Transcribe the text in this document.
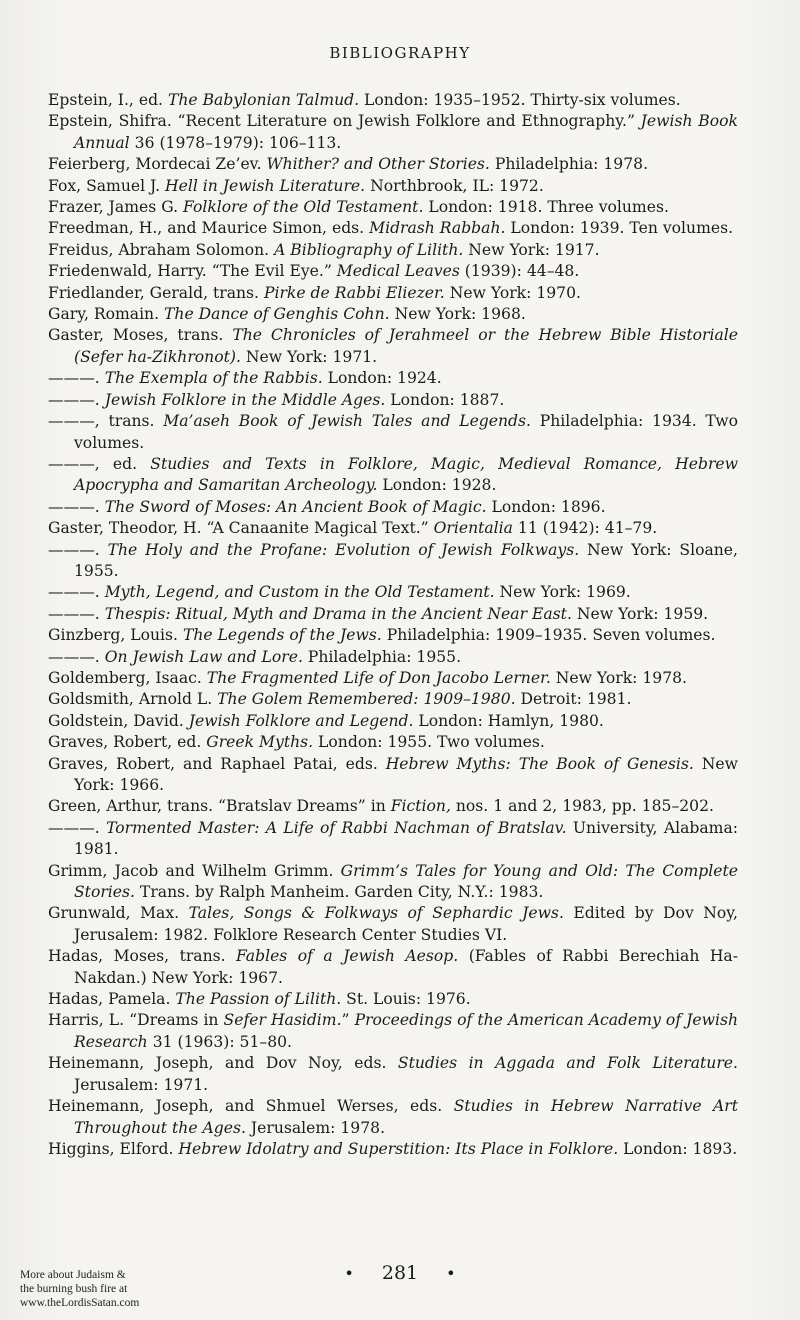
BIBLIOGRAPHY

Epstein, I., ed. The Babylonian Talmud. London: 1935–1952. Thirty-six volumes.

Epstein, Shifra. “Recent Literature on Jewish Folklore and Ethnography.” Jewish Book Annual 36 (1978–1979): 106–113.

Feierberg, Mordecai Ze’ev. Whither? and Other Stories. Philadelphia: 1978.

Fox, Samuel J. Hell in Jewish Literature. Northbrook, IL: 1972.

Frazer, James G. Folklore of the Old Testament. London: 1918. Three volumes.

Freedman, H., and Maurice Simon, eds. Midrash Rabbah. London: 1939. Ten volumes.

Freidus, Abraham Solomon. A Bibliography of Lilith. New York: 1917.

Friedenwald, Harry. “The Evil Eye.” Medical Leaves (1939): 44–48.

Friedlander, Gerald, trans. Pirke de Rabbi Eliezer. New York: 1970.

Gary, Romain. The Dance of Genghis Cohn. New York: 1968.

Gaster, Moses, trans. The Chronicles of Jerahmeel or the Hebrew Bible Historiale (Sefer ha-Zikhronot). New York: 1971.

———. The Exempla of the Rabbis. London: 1924.

———. Jewish Folklore in the Middle Ages. London: 1887.

———, trans. Ma’aseh Book of Jewish Tales and Legends. Philadelphia: 1934. Two volumes.

———, ed. Studies and Texts in Folklore, Magic, Medieval Romance, Hebrew Apocrypha and Samaritan Archeology. London: 1928.

———. The Sword of Moses: An Ancient Book of Magic. London: 1896.

Gaster, Theodor, H. “A Canaanite Magical Text.” Orientalia 11 (1942): 41–79.

———. The Holy and the Profane: Evolution of Jewish Folkways. New York: Sloane, 1955.

———. Myth, Legend, and Custom in the Old Testament. New York: 1969.

———. Thespis: Ritual, Myth and Drama in the Ancient Near East. New York: 1959.

Ginzberg, Louis. The Legends of the Jews. Philadelphia: 1909–1935. Seven volumes.

———. On Jewish Law and Lore. Philadelphia: 1955.

Goldemberg, Isaac. The Fragmented Life of Don Jacobo Lerner. New York: 1978.

Goldsmith, Arnold L. The Golem Remembered: 1909–1980. Detroit: 1981.

Goldstein, David. Jewish Folklore and Legend. London: Hamlyn, 1980.

Graves, Robert, ed. Greek Myths. London: 1955. Two volumes.

Graves, Robert, and Raphael Patai, eds. Hebrew Myths: The Book of Genesis. New York: 1966.

Green, Arthur, trans. “Bratslav Dreams” in Fiction, nos. 1 and 2, 1983, pp. 185–202.

———. Tormented Master: A Life of Rabbi Nachman of Bratslav. University, Alabama: 1981.

Grimm, Jacob and Wilhelm Grimm. Grimm’s Tales for Young and Old: The Complete Stories. Trans. by Ralph Manheim. Garden City, N.Y.: 1983.

Grunwald, Max. Tales, Songs & Folkways of Sephardic Jews. Edited by Dov Noy, Jerusalem: 1982. Folklore Research Center Studies VI.

Hadas, Moses, trans. Fables of a Jewish Aesop. (Fables of Rabbi Berechiah Ha-Nakdan.) New York: 1967.

Hadas, Pamela. The Passion of Lilith. St. Louis: 1976.

Harris, L. “Dreams in Sefer Hasidim.” Proceedings of the American Academy of Jewish Research 31 (1963): 51–80.

Heinemann, Joseph, and Dov Noy, eds. Studies in Aggada and Folk Literature. Jerusalem: 1971.

Heinemann, Joseph, and Shmuel Werses, eds. Studies in Hebrew Narrative Art Throughout the Ages. Jerusalem: 1978.

Higgins, Elford. Hebrew Idolatry and Superstition: Its Place in Folklore. London: 1893.

• 281 •
More about Judaism &
the burning bush fire at
www.theLordisSatan.com
